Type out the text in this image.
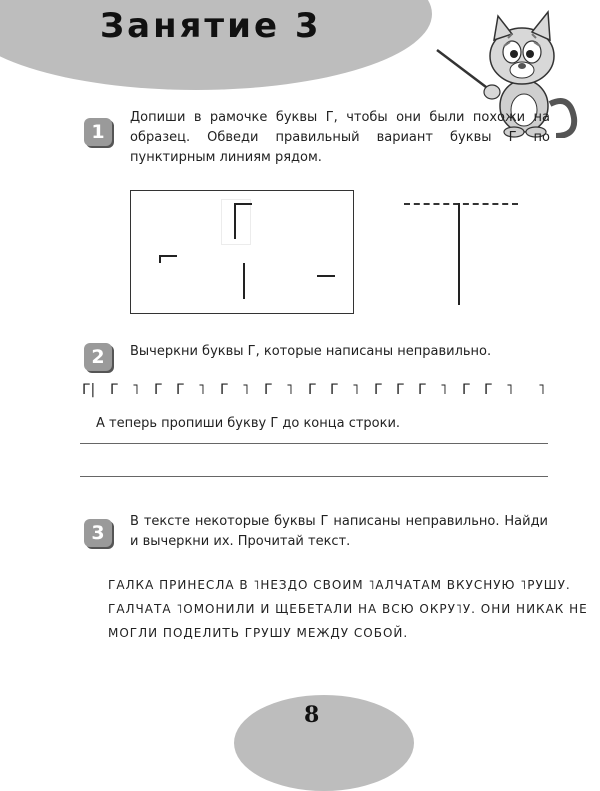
Занятие 3
1
Допиши в рамочке буквы Г, чтобы они были похожи на образец. Обведи правильный вариант буквы Г по пунктирным линиям рядом.
2	Вычеркни буквы Г, которые написаны неправильно.
Г| Г ˥ Г Г ˥ Г ˥ Г ˥ Г Г ˥ Г Г Г ˥ Г Г ˥ ˥
А теперь пропиши букву Г до конца строки.
3
В тексте некоторые буквы Г написаны неправильно. Найди и вычеркни их. Прочитай текст.
ГАЛКА ПРИНЕСЛА В ˥НЕЗДО СВОИМ ˥АЛЧАТАМ ВКУСНУЮ ˥РУШУ.
ГАЛЧАТА ˥ОМОНИЛИ И ЩЕБЕТАЛИ НА ВСЮ ОКРУ˥У. ОНИ НИКАК НЕ
МОГЛИ ПОДЕЛИТЬ ГРУШУ МЕЖДУ СОБОЙ.
8
